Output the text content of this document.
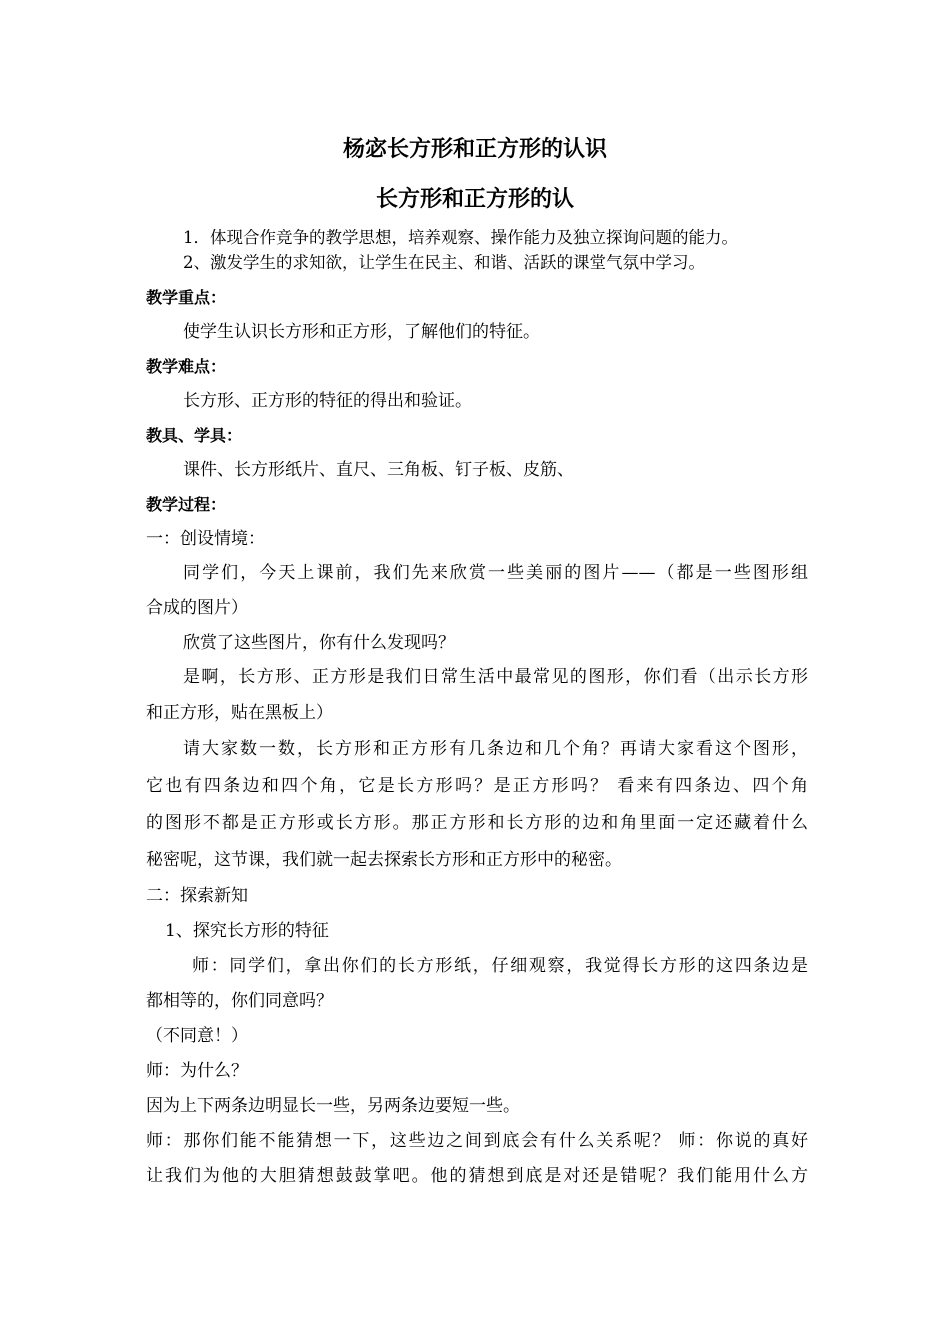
杨宓长方形和正方形的认识
长方形和正方形的认
1．体现合作竞争的教学思想，培养观察、操作能力及独立探询问题的能力。
2、激发学生的求知欲，让学生在民主、和谐、活跃的课堂气氛中学习。
教学重点：
使学生认识长方形和正方形，了解他们的特征。
教学难点：
长方形、正方形的特征的得出和验证。
教具、学具：
课件、长方形纸片、直尺、三角板、钉子板、皮筋、
教学过程：
一：创设情境：
同学们，今天上课前，我们先来欣赏一些美丽的图片——（都是一些图形组
合成的图片）
欣赏了这些图片，你有什么发现吗？
是啊，长方形、正方形是我们日常生活中最常见的图形，你们看（出示长方形
和正方形，贴在黑板上）
请大家数一数，长方形和正方形有几条边和几个角？再请大家看这个图形，
它也有四条边和四个角，它是长方形吗？是正方形吗？ 看来有四条边、四个角
的图形不都是正方形或长方形。那正方形和长方形的边和角里面一定还藏着什么
秘密呢，这节课，我们就一起去探索长方形和正方形中的秘密。
二：探索新知
1、探究长方形的特征
师：同学们，拿出你们的长方形纸，仔细观察，我觉得长方形的这四条边是
都相等的，你们同意吗？
（不同意！）
师：为什么？
因为上下两条边明显长一些，另两条边要短一些。
师：那你们能不能猜想一下，这些边之间到底会有什么关系呢？ 师：你说的真好
让我们为他的大胆猜想鼓鼓掌吧。他的猜想到底是对还是错呢？我们能用什么方
